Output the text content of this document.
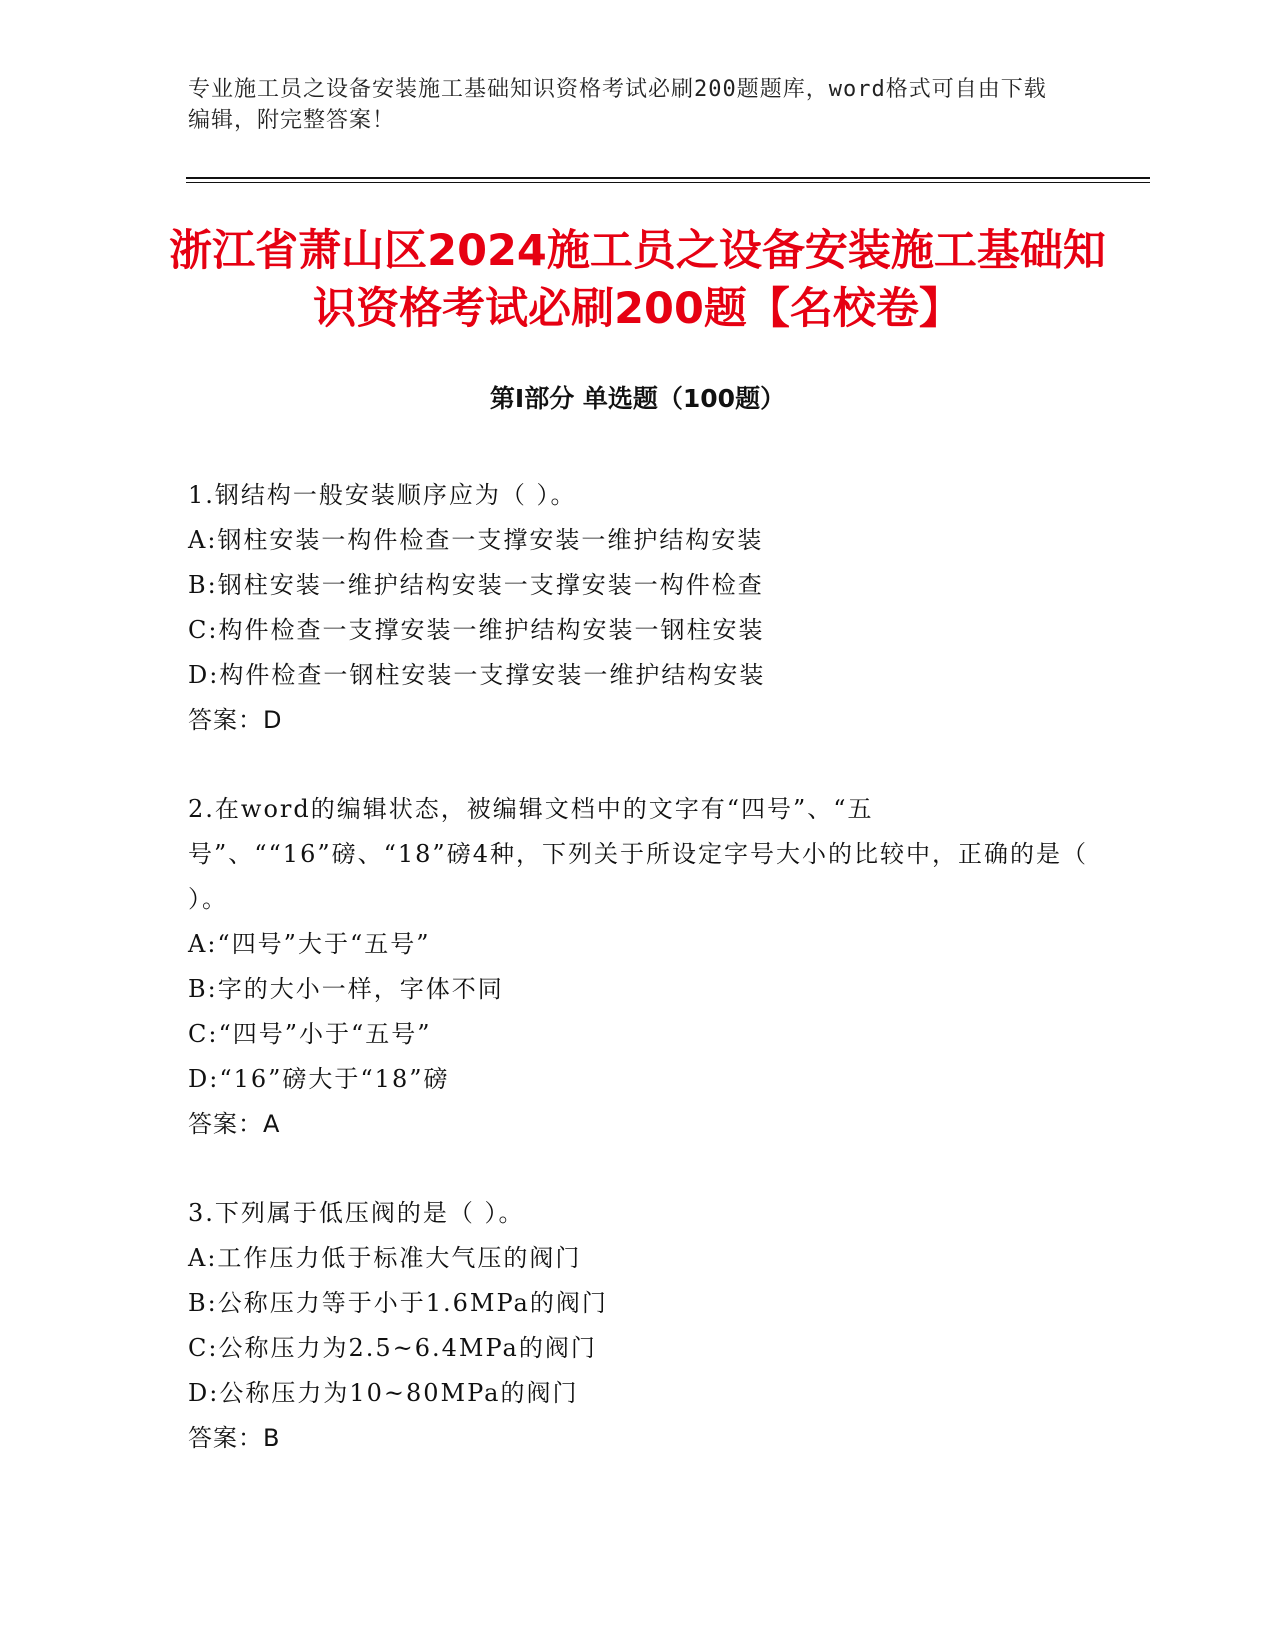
专业施工员之设备安装施工基础知识资格考试必刷200题题库，word格式可自由下载编辑，附完整答案！
浙江省萧山区2024施工员之设备安装施工基础知识资格考试必刷200题【名校卷】
第Ⅰ部分 单选题（100题）
1.钢结构一般安装顺序应为（ ）。
A:钢柱安装一构件检查一支撑安装一维护结构安装
B:钢柱安装一维护结构安装一支撑安装一构件检查
C:构件检查一支撑安装一维护结构安装一钢柱安装
D:构件检查一钢柱安装一支撑安装一维护结构安装
答案：D
2.在word的编辑状态，被编辑文档中的文字有“四号”、“五号”、““16”磅、“18”磅4种，下列关于所设定字号大小的比较中，正确的是（ ）。
A:“四号”大于“五号”
B:字的大小一样，字体不同
C:“四号”小于“五号”
D:“16”磅大于“18”磅
答案：A
3.下列属于低压阀的是（ ）。
A:工作压力低于标准大气压的阀门
B:公称压力等于小于1.6MPa的阀门
C:公称压力为2.5~6.4MPa的阀门
D:公称压力为10~80MPa的阀门
答案：B
